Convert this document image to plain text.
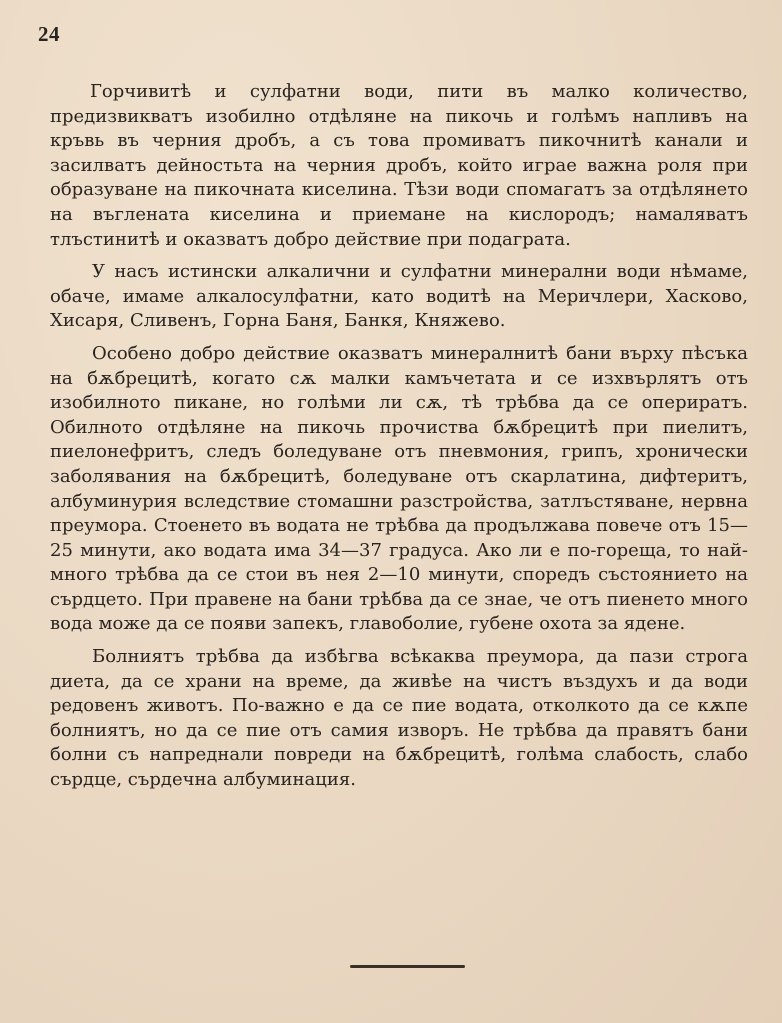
24

Горчивитѣ и сулфатни води, пити въ малко количество, предизвикватъ изобилно отдѣляне на пикочь и голѣмъ напливъ на кръвь въ черния дробъ, а съ това промиватъ пикочнитѣ канали и засилватъ дейностьта на черния дробъ, който играе важна роля при образуване на пикочната киселина. Тѣзи води спомагатъ за отдѣлянето на въглената киселина и приемане на кислородъ; намаляватъ тлъстинитѣ и оказватъ добро действие при подаграта.

У насъ истински алкалични и сулфатни минерални води нѣмаме, обаче, имаме алкалосулфатни, като водитѣ на Меричлери, Хасково, Хисаря, Сливенъ, Горна Баня, Банкя, Княжево.

Особено добро действие оказватъ минералнитѣ бани върху пѣсъка на бѫбрецитѣ, когато сѫ малки камъчетата и се изхвърлятъ отъ изобилното пикане, но голѣми ли сѫ, тѣ трѣбва да се опериратъ. Обилното отдѣляне на пикочь прочиства бѫбрецитѣ при пиелитъ, пиелонефритъ, следъ боледуване отъ пневмония, грипъ, хронически заболявания на бѫбрецитѣ, боледуване отъ скарлатина, дифтеритъ, албуминурия вследствие стомашни разстройства, затлъстяване, нервна преумора. Стоенето въ водата не трѣбва да продължава повече отъ 15—25 минути, ако водата има 34—37 градуса. Ако ли е по-гореща, то най-много трѣбва да се стои въ нея 2—10 минути, споредъ състоянието на сърдцето. При правене на бани трѣбва да се знае, че отъ пиенето много вода може да се появи запекъ, главоболие, губене охота за ядене.

Болниятъ трѣбва да избѣгва всѣкаква преумора, да пази строга диета, да се храни на време, да живѣе на чистъ въздухъ и да води редовенъ животъ. По-важно е да се пие водата, отколкото да се кѫпе болниятъ, но да се пие отъ самия изворъ. Не трѣбва да правятъ бани болни съ напреднали повреди на бѫбрецитѣ, голѣма слабость, слабо сърдце, сърдечна албуминация.
